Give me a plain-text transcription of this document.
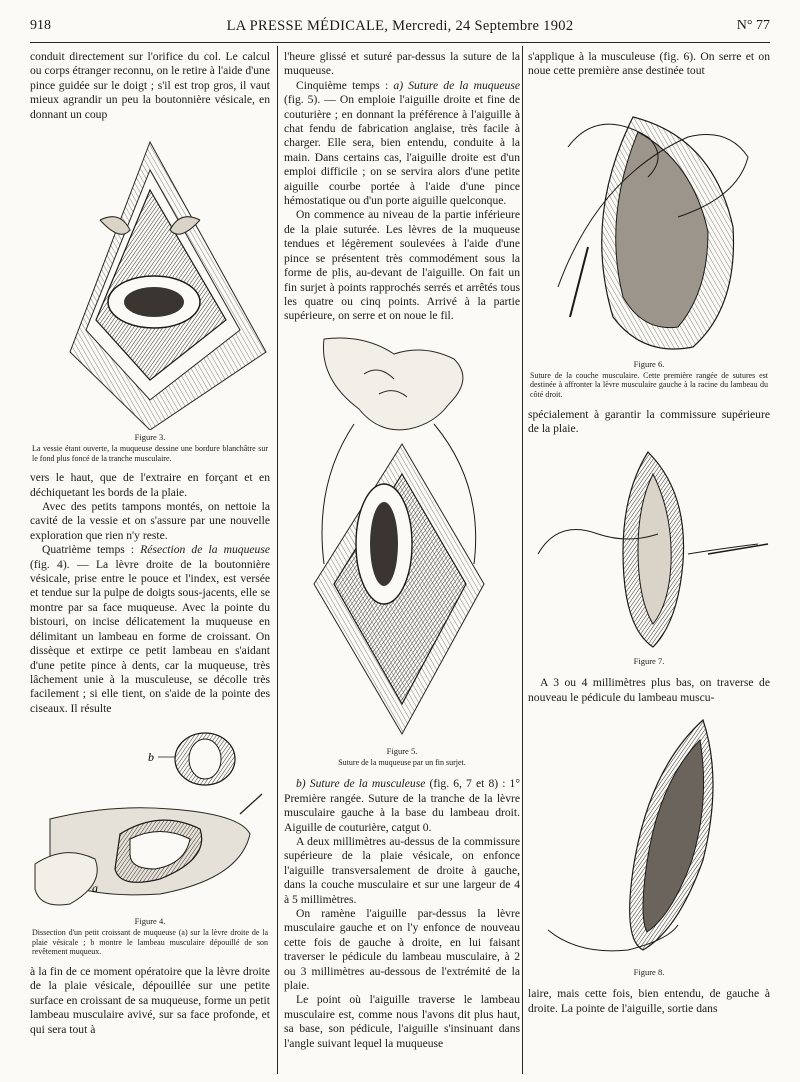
918	LA PRESSE MÉDICALE, Mercredi, 24 Septembre 1902	N° 77

conduit directement sur l'orifice du col. Le calcul ou corps étranger reconnu, on le retire à l'aide d'une pince guidée sur le doigt ; s'il est trop gros, il vaut mieux agrandir un peu la boutonnière vésicale, en donnant un coup

Figure 3.
La vessie étant ouverte, la muqueuse dessine une bordure blanchâtre sur le fond plus foncé de la tranche musculaire.

vers le haut, que de l'extraire en forçant et en déchiquetant les bords de la plaie.

Avec des petits tampons montés, on nettoie la cavité de la vessie et on s'assure par une nouvelle exploration que rien n'y reste.

Quatrième temps : Résection de la muqueuse (fig. 4). — La lèvre droite de la boutonnière vésicale, prise entre le pouce et l'index, est versée et tendue sur la pulpe de doigts sous-jacents, elle se montre par sa face muqueuse. Avec la pointe du bistouri, on incise délicatement la muqueuse en délimitant un lambeau en forme de croissant. On dissèque et extirpe ce petit lambeau en s'aidant d'une petite pince à dents, car la muqueuse, très lâchement unie à la musculeuse, se décolle très facilement ; si elle tient, on s'aide de la pointe des ciseaux. Il résulte

b
a
Figure 4.
Dissection d'un petit croissant de muqueuse (a) sur la lèvre droite de la plaie vésicale ; b montre le lambeau musculaire dépouillé de son revêtement muqueux.

à la fin de ce moment opératoire que la lèvre droite de la plaie vésicale, dépouillée sur une petite surface en croissant de sa muqueuse, forme un petit lambeau musculaire avivé, sur sa face profonde, et qui sera tout à

l'heure glissé et suturé par-dessus la suture de la muqueuse.

Cinquième temps : a) Suture de la muqueuse (fig. 5). — On emploie l'aiguille droite et fine de couturière ; en donnant la préférence à l'aiguille à chat fendu de fabrication anglaise, très facile à charger. Elle sera, bien entendu, conduite à la main. Dans certains cas, l'aiguille droite est d'un emploi difficile ; on se servira alors d'une petite aiguille courbe portée à l'aide d'une pince hémostatique ou d'un porte aiguille quelconque.

On commence au niveau de la partie inférieure de la plaie suturée. Les lèvres de la muqueuse tendues et légèrement soulevées à l'aide d'une pince se présentent très commodément sous la forme de plis, au-devant de l'aiguille. On fait un fin surjet à points rapprochés serrés et arrêtés tous les quatre ou cinq points. Arrivé à la partie supérieure, on serre et on noue le fil.

Figure 5.
Suture de la muqueuse par un fin surjet.

b) Suture de la musculeuse (fig. 6, 7 et 8) : 1° Première rangée. Suture de la tranche de la lèvre musculaire gauche à la base du lambeau droit. Aiguille de couturière, catgut 0.

A deux millimètres au-dessus de la commissure supérieure de la plaie vésicale, on enfonce l'aiguille transversalement de droite à gauche, dans la couche musculaire et sur une largeur de 4 à 5 millimètres.

On ramène l'aiguille par-dessus la lèvre musculaire gauche et on l'y enfonce de nouveau cette fois de gauche à droite, en lui faisant traverser le pédicule du lambeau musculaire, à 2 ou 3 millimètres au-dessous de l'extrémité de la plaie.

Le point où l'aiguille traverse le lambeau musculaire est, comme nous l'avons dit plus haut, sa base, son pédicule, l'aiguille s'insinuant dans l'angle suivant lequel la muqueuse

s'applique à la musculeuse (fig. 6). On serre et on noue cette première anse destinée tout

Figure 6.
Suture de la couche musculaire. Cette première rangée de sutures est destinée à affronter la lèvre musculaire gauche à la racine du lambeau du côté droit.

spécialement à garantir la commissure supérieure de la plaie.

Figure 7.

A 3 ou 4 millimètres plus bas, on traverse de nouveau le pédicule du lambeau muscu-

Figure 8.

laire, mais cette fois, bien entendu, de gauche à droite. La pointe de l'aiguille, sortie dans
